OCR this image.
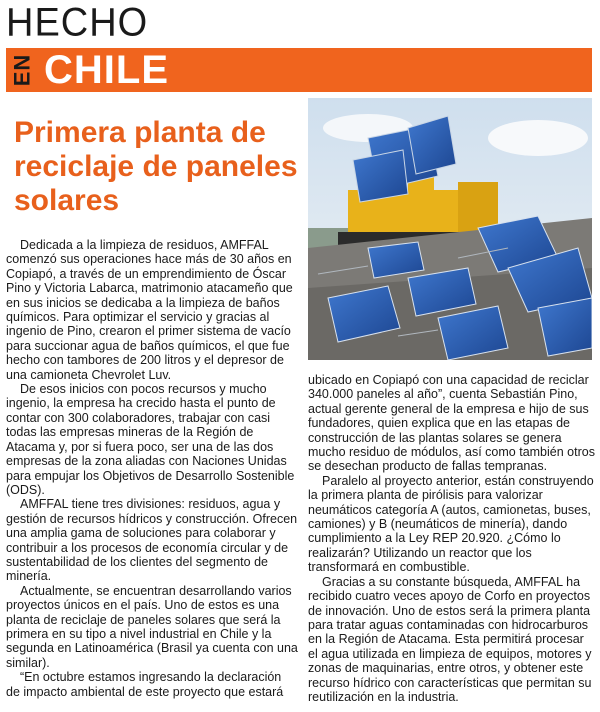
HECHO
EN CHILE
Primera planta de reciclaje de paneles solares

Dedicada a la limpieza de residuos, AMFFAL comenzó sus operaciones hace más de 30 años en Copiapó, a través de un emprendimiento de Óscar Pino y Victoria Labarca, matrimonio atacameño que en sus inicios se dedicaba a la limpieza de baños químicos. Para optimizar el servicio y gracias al ingenio de Pino, crearon el primer sistema de vacío para succionar agua de baños químicos, el que fue hecho con tambores de 200 litros y el depresor de una camioneta Chevrolet Luv.

De esos inicios con pocos recursos y mucho ingenio, la empresa ha crecido hasta el punto de contar con 300 colaboradores, trabajar con casi todas las empresas mineras de la Región de Atacama y, por si fuera poco, ser una de las dos empresas de la zona aliadas con Naciones Unidas para empujar los Objetivos de Desarrollo Sostenible (ODS).

AMFFAL tiene tres divisiones: residuos, agua y gestión de recursos hídricos y construcción. Ofrecen una amplia gama de soluciones para colaborar y contribuir a los procesos de economía circular y de sustentabilidad de los clientes del segmento de minería.

Actualmente, se encuentran desarrollando varios proyectos únicos en el país. Uno de estos es una planta de reciclaje de paneles solares que será la primera en su tipo a nivel industrial en Chile y la segunda en Latinoamérica (Brasil ya cuenta con una similar).

“En octubre estamos ingresando la declaración de impacto ambiental de este proyecto que estará

ubicado en Copiapó con una capacidad de reciclar 340.000 paneles al año”, cuenta Sebastián Pino, actual gerente general de la empresa e hijo de sus fundadores, quien explica que en las etapas de construcción de las plantas solares se genera mucho residuo de módulos, así como también otros se desechan producto de fallas tempranas.

Paralelo al proyecto anterior, están construyendo la primera planta de pirólisis para valorizar neumáticos categoría A (autos, camionetas, buses, camiones) y B (neumáticos de minería), dando cumplimiento a la Ley REP 20.920. ¿Cómo lo realizarán? Utilizando un reactor que los transformará en combustible.

Gracias a su constante búsqueda, AMFFAL ha recibido cuatro veces apoyo de Corfo en proyectos de innovación. Uno de estos será la primera planta para tratar aguas contaminadas con hidrocarburos en la Región de Atacama. Esta permitirá procesar el agua utilizada en limpieza de equipos, motores y zonas de maquinarias, entre otros, y obtener este recurso hídrico con características que permitan su reutilización en la industria.
